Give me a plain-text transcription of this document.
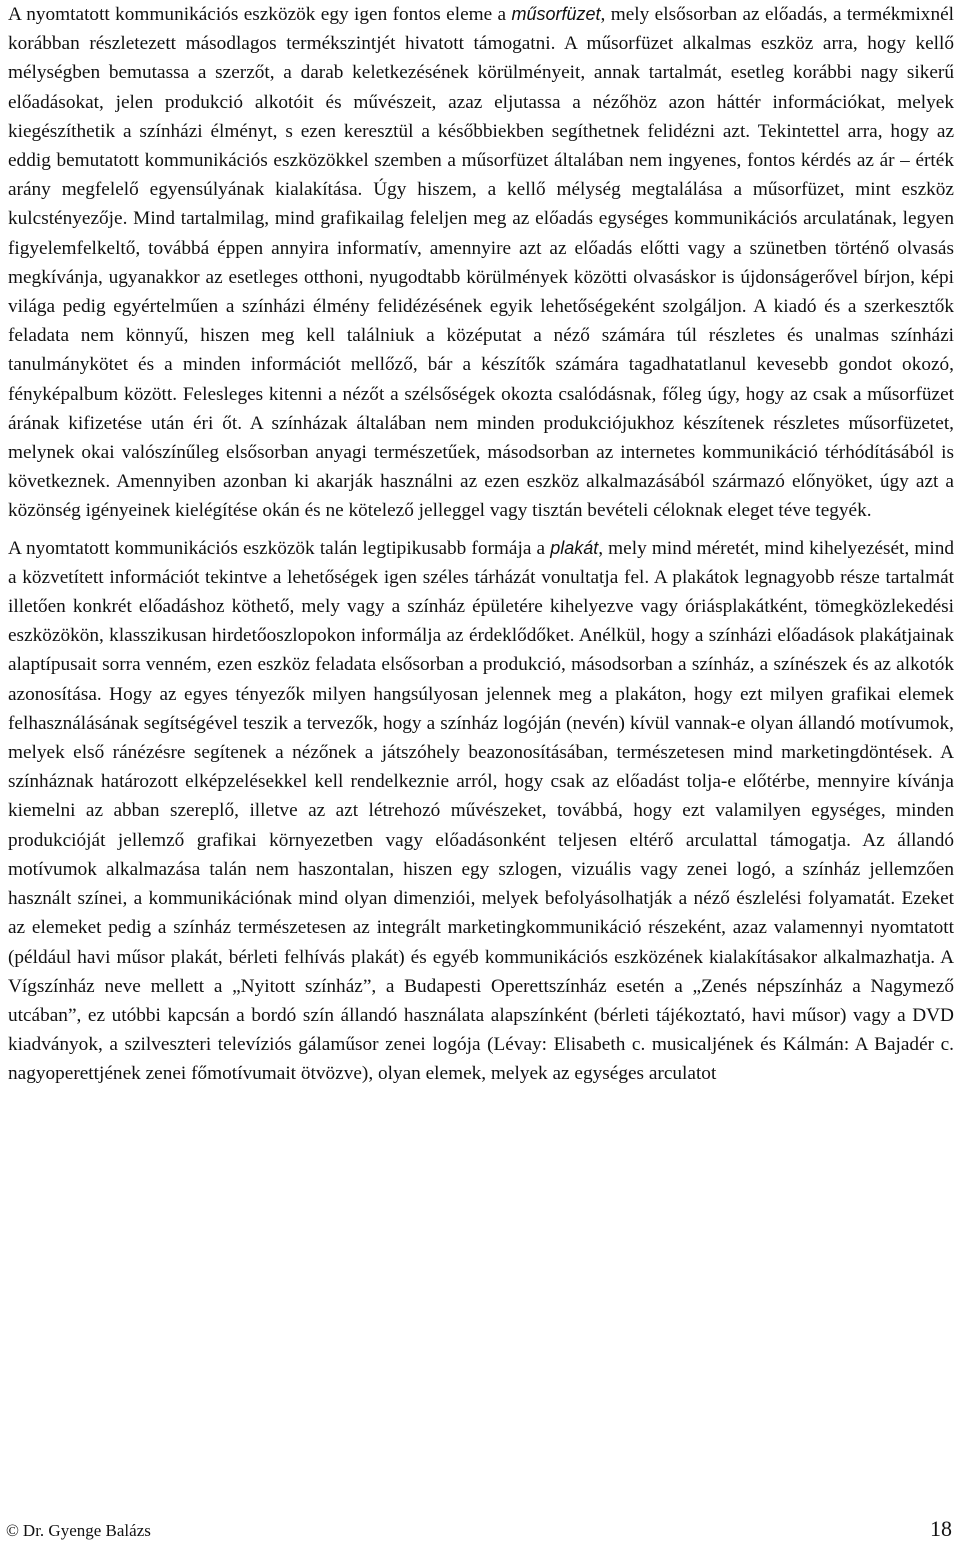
A nyomtatott kommunikációs eszközök egy igen fontos eleme a műsorfüzet, mely elsősorban az előadás, a termékmixnél korábban részletezett másodlagos termékszintjét hivatott támogatni. A műsorfüzet alkalmas eszköz arra, hogy kellő mélységben bemutassa a szerzőt, a darab keletkezésének körülményeit, annak tartalmát, esetleg korábbi nagy sikerű előadásokat, jelen produkció alkotóit és művészeit, azaz eljutassa a nézőhöz azon háttér információkat, melyek kiegészíthetik a színházi élményt, s ezen keresztül a későbbiekben segíthetnek felidézni azt. Tekintettel arra, hogy az eddig bemutatott kommunikációs eszközökkel szemben a műsorfüzet általában nem ingyenes, fontos kérdés az ár – érték arány megfelelő egyensúlyának kialakítása. Úgy hiszem, a kellő mélység megtalálása a műsorfüzet, mint eszköz kulcstényezője. Mind tartalmilag, mind grafikailag feleljen meg az előadás egységes kommunikációs arculatának, legyen figyelemfelkeltő, továbbá éppen annyira informatív, amennyire azt az előadás előtti vagy a szünetben történő olvasás megkívánja, ugyanakkor az esetleges otthoni, nyugodtabb körülmények közötti olvasáskor is újdonságerővel bírjon, képi világa pedig egyértelműen a színházi élmény felidézésének egyik lehetőségeként szolgáljon. A kiadó és a szerkesztők feladata nem könnyű, hiszen meg kell találniuk a középutat a néző számára túl részletes és unalmas színházi tanulmánykötet és a minden információt mellőző, bár a készítők számára tagadhatatlanul kevesebb gondot okozó, fényképalbum között. Felesleges kitenni a nézőt a szélsőségek okozta csalódásnak, főleg úgy, hogy az csak a műsorfüzet árának kifizetése után éri őt. A színházak általában nem minden produkciójukhoz készítenek részletes műsorfüzetet, melynek okai valószínűleg elsősorban anyagi természetűek, másodsorban az internetes kommunikáció térhódításából is következnek. Amennyiben azonban ki akarják használni az ezen eszköz alkalmazásából származó előnyöket, úgy azt a közönség igényeinek kielégítése okán és ne kötelező jelleggel vagy tisztán bevételi céloknak eleget téve tegyék.

A nyomtatott kommunikációs eszközök talán legtipikusabb formája a plakát, mely mind méretét, mind kihelyezését, mind a közvetített információt tekintve a lehetőségek igen széles tárházát vonultatja fel. A plakátok legnagyobb része tartalmát illetően konkrét előadáshoz köthető, mely vagy a színház épületére kihelyezve vagy óriásplakátként, tömegközlekedési eszközökön, klasszikusan hirdetőoszlopokon informálja az érdeklődőket. Anélkül, hogy a színházi előadások plakátjainak alaptípusait sorra venném, ezen eszköz feladata elsősorban a produkció, másodsorban a színház, a színészek és az alkotók azonosítása. Hogy az egyes tényezők milyen hangsúlyosan jelennek meg a plakáton, hogy ezt milyen grafikai elemek felhasználásának segítségével teszik a tervezők, hogy a színház logóján (nevén) kívül vannak-e olyan állandó motívumok, melyek első ránézésre segítenek a nézőnek a játszóhely beazonosításában, természetesen mind marketingdöntések. A színháznak határozott elképzelésekkel kell rendelkeznie arról, hogy csak az előadást tolja-e előtérbe, mennyire kívánja kiemelni az abban szereplő, illetve az azt létrehozó művészeket, továbbá, hogy ezt valamilyen egységes, minden produkcióját jellemző grafikai környezetben vagy előadásonként teljesen eltérő arculattal támogatja. Az állandó motívumok alkalmazása talán nem haszontalan, hiszen egy szlogen, vizuális vagy zenei logó, a színház jellemzően használt színei, a kommunikációnak mind olyan dimenziói, melyek befolyásolhatják a néző észlelési folyamatát. Ezeket az elemeket pedig a színház természetesen az integrált marketingkommunikáció részeként, azaz valamennyi nyomtatott (például havi műsor plakát, bérleti felhívás plakát) és egyéb kommunikációs eszközének kialakításakor alkalmazhatja. A Vígszínház neve mellett a „Nyitott színház”, a Budapesti Operettszínház esetén a „Zenés népszínház a Nagymező utcában”, ez utóbbi kapcsán a bordó szín állandó használata alapszínként (bérleti tájékoztató, havi műsor) vagy a DVD kiadványok, a szilveszteri televíziós gálaműsor zenei logója (Lévay: Elisabeth c. musicaljének és Kálmán: A Bajadér c. nagyoperettjének zenei főmotívumait ötvözve), olyan elemek, melyek az egységes arculatot

© Dr. Gyenge Balázs	18
